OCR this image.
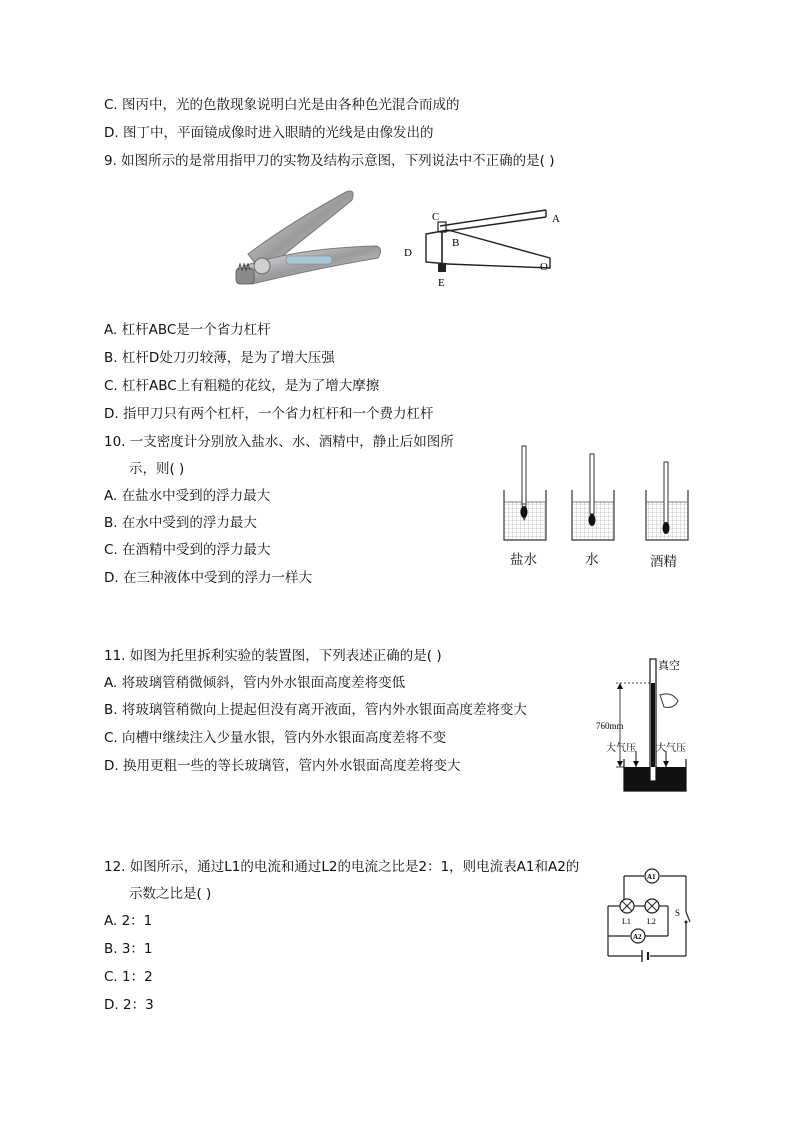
C. 图丙中，光的色散现象说明白光是由各种色光混合而成的
D. 图丁中，平面镜成像时进入眼睛的光线是由像发出的
9. 如图所示的是常用指甲刀的实物及结构示意图，下列说法中不正确的是( )
C	A
B
D
O
E
A. 杠杆ABC是一个省力杠杆
B. 杠杆D处刀刃较薄，是为了增大压强
C. 杠杆ABC上有粗糙的花纹，是为了增大摩擦
D. 指甲刀只有两个杠杆，一个省力杠杆和一个费力杠杆
10. 一支密度计分别放入盐水、水、酒精中，静止后如图所
示，则( )
A. 在盐水中受到的浮力最大
B. 在水中受到的浮力最大
C. 在酒精中受到的浮力最大
D. 在三种液体中受到的浮力一样大
盐水	水	酒精
11. 如图为托里拆利实验的装置图，下列表述正确的是( )
A. 将玻璃管稍微倾斜，管内外水银面高度差将变低
B. 将玻璃管稍微向上提起但没有离开液面，管内外水银面高度差将变大
C. 向槽中继续注入少量水银，管内外水银面高度差将不变
D. 换用更粗一些的等长玻璃管，管内外水银面高度差将变大
真空
760mm
大气压 大气压
12. 如图所示，通过L1的电流和通过L2的电流之比是2：1，则电流表A1和A2的
示数之比是( )
A. 2：1
B. 3：1
C. 1：2
D. 2：3
S
A1
L1 L2
A2
